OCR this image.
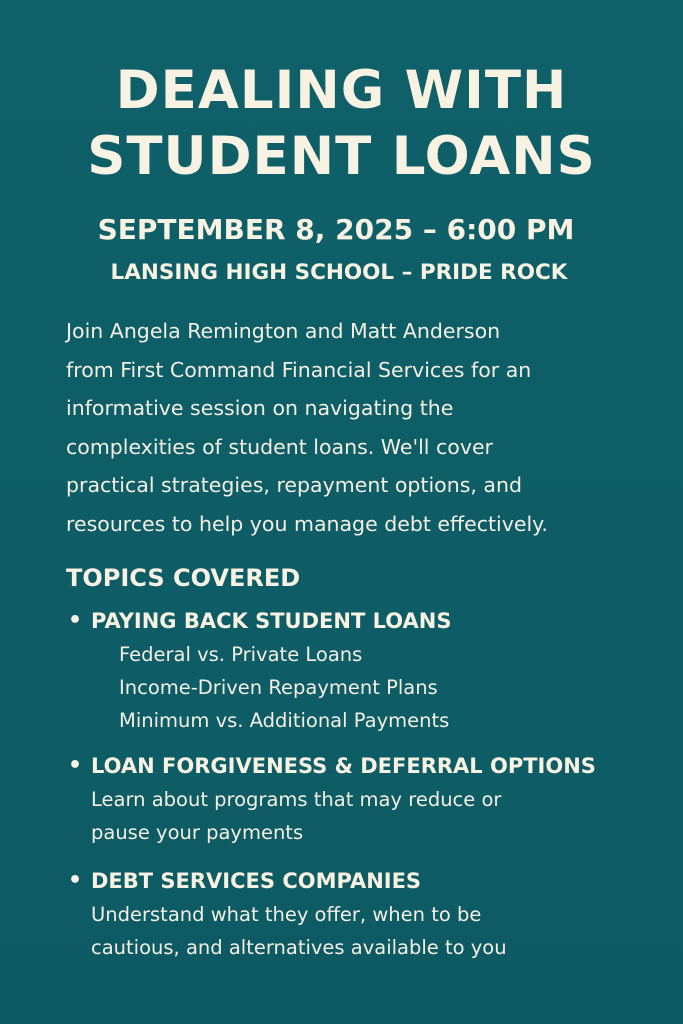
DEALING WITH
STUDENT LOANS
SEPTEMBER 8, 2025 – 6:00 PM
LANSING HIGH SCHOOL – PRIDE ROCK

Join Angela Remington and Matt Anderson
from First Command Financial Services for an
informative session on navigating the
complexities of student loans. We'll cover
practical strategies, repayment options, and
resources to help you manage debt effectively.

TOPICS COVERED
• PAYING BACK STUDENT LOANS
Federal vs. Private Loans
Income-Driven Repayment Plans
Minimum vs. Additional Payments
• LOAN FORGIVENESS & DEFERRAL OPTIONS
Learn about programs that may reduce or
pause your payments
• DEBT SERVICES COMPANIES
Understand what they offer, when to be
cautious, and alternatives available to you
